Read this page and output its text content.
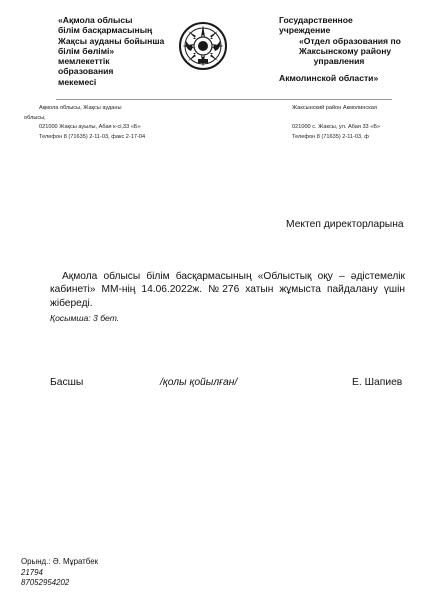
«Ақмола облысы
білім басқармасының
Жақсы ауданы бойынша
білім бөлімі»
мемлекеттік
образования
мекемесі
Государственное
учреждение
«Отдел образования по
Жаксынскому району
управления
Акмолинской области»
Ақмола облысы, Жақсы ауданы
облысы,
021000 Жақсы ауылы, Абая к-сі,33 «Б»
Телефон 8 (71635) 2-11-03, факс 2-17-04
Жаксынский район Акмолинская
021000 с. Жаксы, ул. Абая 33 «Б»
Телефон 8 (71635) 2-11-03, ф
Мектеп директорларына

Ақмола облысы білім басқармасының «Облыстық оқу – әдістемелік кабинеті» ММ-нің 14.06.2022ж. №276 хатын жұмыста пайдалану үшін жібереді.

Қосымша: 3 бет.
Басшы	/қолы қойылған/	Е. Шапиев
Орынд.: Ә. Мұратбек
21794
87052954202
